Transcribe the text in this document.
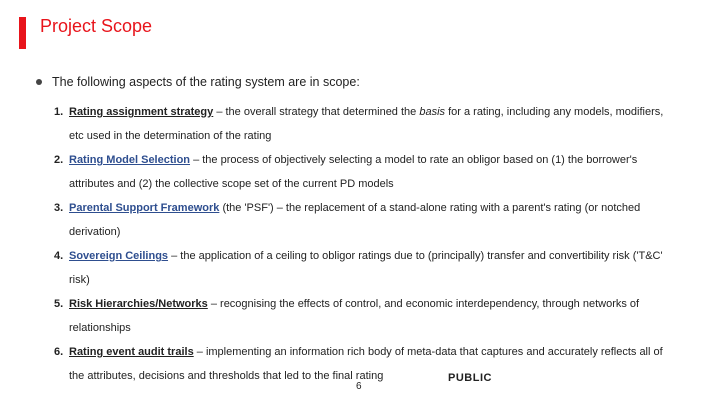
Project Scope
The following aspects of the rating system are in scope:
1. Rating assignment strategy – the overall strategy that determined the basis for a rating, including any models, modifiers,
etc used in the determination of the rating
2. Rating Model Selection – the process of objectively selecting a model to rate an obligor based on (1) the borrower's
attributes and (2) the collective scope set of the current PD models
3. Parental Support Framework (the 'PSF') – the replacement of a stand-alone rating with a parent's rating (or notched
derivation)
4. Sovereign Ceilings – the application of a ceiling to obligor ratings due to (principally) transfer and convertibility risk ('T&C'
risk)
5. Risk Hierarchies/Networks – recognising the effects of control, and economic interdependency, through networks of
relationships
6. Rating event audit trails – implementing an information rich body of meta-data that captures and accurately reflects all of
the attributes, decisions and thresholds that led to the final rating
6
PUBLIC
